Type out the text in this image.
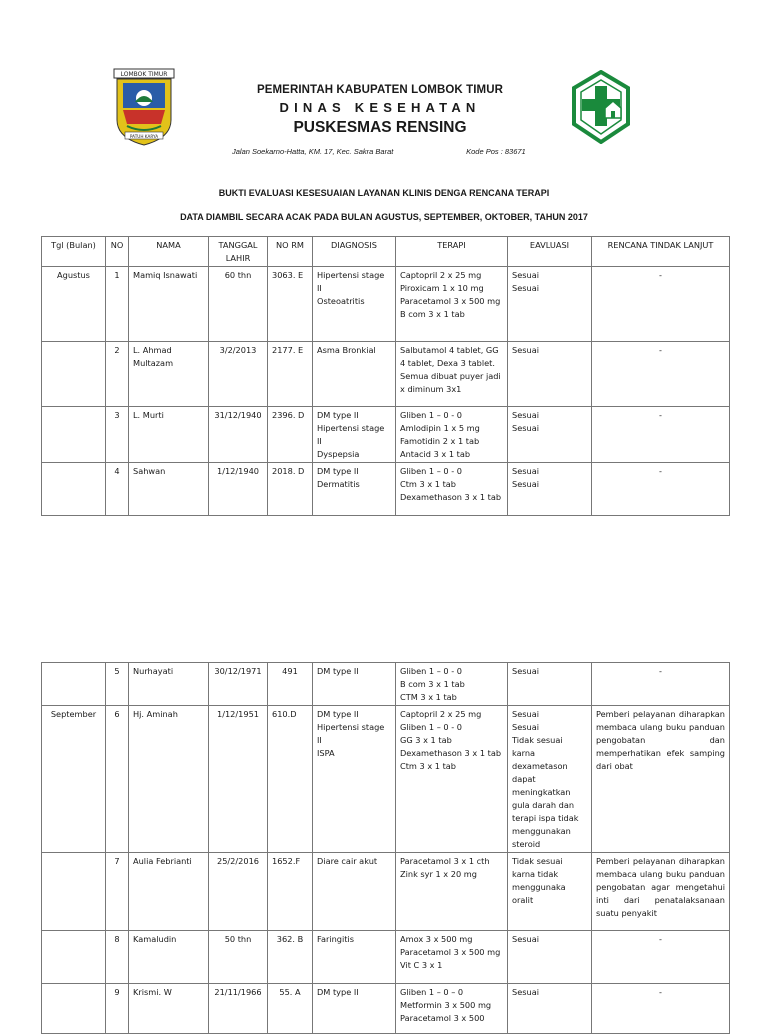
LOMBOK TIMUR
PATUH KARYA
PEMERINTAH KABUPATEN LOMBOK TIMUR
DINAS KESEHATAN
PUSKESMAS RENSING
Jalan Soekarno-Hatta, KM. 17, Kec. Sakra Barat	Kode Pos : 83671
BUKTI EVALUASI KESESUAIAN LAYANAN KLINIS DENGA RENCANA TERAPI
DATA DIAMBIL SECARA ACAK PADA BULAN AGUSTUS, SEPTEMBER, OKTOBER, TAHUN 2017
Tgl (Bulan)	NO	NAMA	TANGGAL LAHIR	NO RM	DIAGNOSIS	TERAPI	EAVLUASI	RENCANA TINDAK LANJUT
Agustus	1	Mamiq Isnawati	60 thn	3063. E	Hipertensi stage II
Osteoatritis	Captopril 2 x 25 mg
Piroxicam 1 x 10 mg
Paracetamol 3 x 500 mg
B com 3 x 1 tab	Sesuai
Sesuai	-
	2	L. Ahmad Multazam	3/2/2013	2177. E	Asma Bronkial	Salbutamol 4 tablet, GG 4 tablet, Dexa 3 tablet. Semua dibuat puyer jadi x diminum 3x1	Sesuai	-
	3	L. Murti	31/12/1940	2396. D	DM type II
Hipertensi stage II
Dyspepsia	Gliben 1 – 0 - 0
Amlodipin 1 x 5 mg
Famotidin 2 x 1 tab
Antacid 3 x 1 tab	Sesuai
Sesuai	-
	4	Sahwan	1/12/1940	2018. D	DM type II
Dermatitis	Gliben 1 – 0 - 0
Ctm 3 x 1 tab
Dexamethason 3 x 1 tab	Sesuai
Sesuai	-
	5	Nurhayati	30/12/1971	491	DM type II	Gliben 1 – 0 - 0
B com 3 x 1 tab
CTM 3 x 1 tab	Sesuai	-
September	6	Hj. Aminah	1/12/1951	610.D	DM type II
Hipertensi stage II
ISPA	Captopril 2 x 25 mg
Gliben 1 – 0 - 0
GG 3 x 1 tab
Dexamethason 3 x 1 tab
Ctm 3 x 1 tab	Sesuai
Sesuai
Tidak sesuai karna dexametason dapat meningkatkan gula darah dan terapi ispa tidak menggunakan steroid	Pemberi pelayanan diharapkan membaca ulang buku panduan pengobatan dan memperhatikan efek samping dari obat
	7	Aulia Febrianti	25/2/2016	1652.F	Diare cair akut	Paracetamol 3 x 1 cth
Zink syr 1 x 20 mg	Tidak sesuai karna tidak menggunaka oralit	Pemberi pelayanan diharapkan membaca ulang buku panduan pengobatan agar mengetahui inti dari penatalaksanaan suatu penyakit
	8	Kamaludin	50 thn	362. B	Faringitis	Amox 3 x 500 mg
Paracetamol 3 x 500 mg
Vit C 3 x 1	Sesuai	-
	9	Krismi. W	21/11/1966	55. A	DM type II	Gliben 1 – 0 – 0
Metformin 3 x 500 mg
Paracetamol 3 x 500	Sesuai	-
